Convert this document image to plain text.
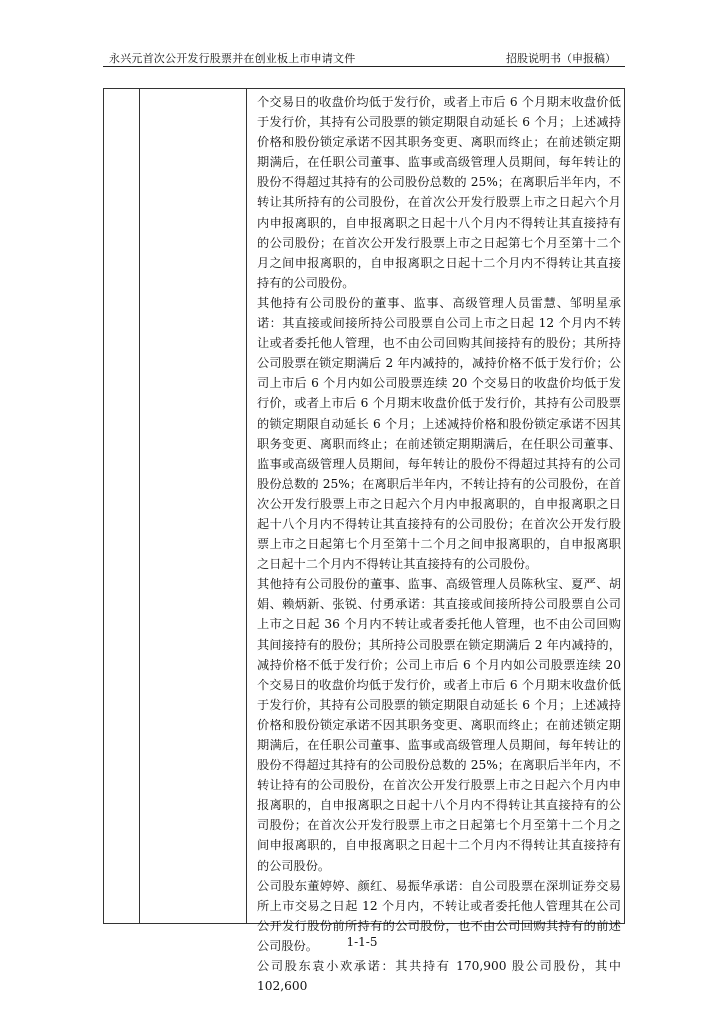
永兴元首次公开发行股票并在创业板上市申请文件	招股说明书（申报稿）

个交易日的收盘价均低于发行价，或者上市后 6 个月期末收盘价低于发行价，其持有公司股票的锁定期限自动延长 6 个月；上述减持价格和股份锁定承诺不因其职务变更、离职而终止；在前述锁定期期满后，在任职公司董事、监事或高级管理人员期间，每年转让的股份不得超过其持有的公司股份总数的 25%；在离职后半年内，不转让其所持有的公司股份，在首次公开发行股票上市之日起六个月内申报离职的，自申报离职之日起十八个月内不得转让其直接持有的公司股份；在首次公开发行股票上市之日起第七个月至第十二个月之间申报离职的，自申报离职之日起十二个月内不得转让其直接持有的公司股份。

其他持有公司股份的董事、监事、高级管理人员雷慧、邹明星承诺：其直接或间接所持公司股票自公司上市之日起 12 个月内不转让或者委托他人管理，也不由公司回购其间接持有的股份；其所持公司股票在锁定期满后 2 年内减持的，减持价格不低于发行价；公司上市后 6 个月内如公司股票连续 20 个交易日的收盘价均低于发行价，或者上市后 6 个月期末收盘价低于发行价，其持有公司股票的锁定期限自动延长 6 个月；上述减持价格和股份锁定承诺不因其职务变更、离职而终止；在前述锁定期期满后，在任职公司董事、监事或高级管理人员期间，每年转让的股份不得超过其持有的公司股份总数的 25%；在离职后半年内，不转让持有的公司股份，在首次公开发行股票上市之日起六个月内申报离职的，自申报离职之日起十八个月内不得转让其直接持有的公司股份；在首次公开发行股票上市之日起第七个月至第十二个月之间申报离职的，自申报离职之日起十二个月内不得转让其直接持有的公司股份。

其他持有公司股份的董事、监事、高级管理人员陈秋宝、夏严、胡娟、赖炳新、张锐、付勇承诺：其直接或间接所持公司股票自公司上市之日起 36 个月内不转让或者委托他人管理，也不由公司回购其间接持有的股份；其所持公司股票在锁定期满后 2 年内减持的，减持价格不低于发行价；公司上市后 6 个月内如公司股票连续 20 个交易日的收盘价均低于发行价，或者上市后 6 个月期末收盘价低于发行价，其持有公司股票的锁定期限自动延长 6 个月；上述减持价格和股份锁定承诺不因其职务变更、离职而终止；在前述锁定期期满后，在任职公司董事、监事或高级管理人员期间，每年转让的股份不得超过其持有的公司股份总数的 25%；在离职后半年内，不转让持有的公司股份，在首次公开发行股票上市之日起六个月内申报离职的，自申报离职之日起十八个月内不得转让其直接持有的公司股份；在首次公开发行股票上市之日起第七个月至第十二个月之间申报离职的，自申报离职之日起十二个月内不得转让其直接持有的公司股份。

公司股东董婷婷、颜红、易振华承诺：自公司股票在深圳证券交易所上市交易之日起 12 个月内，不转让或者委托他人管理其在公司公开发行股份前所持有的公司股份，也不由公司回购其持有的前述公司股份。

公司股东袁小欢承诺：其共持有 170,900 股公司股份，其中 102,600

1-1-5
